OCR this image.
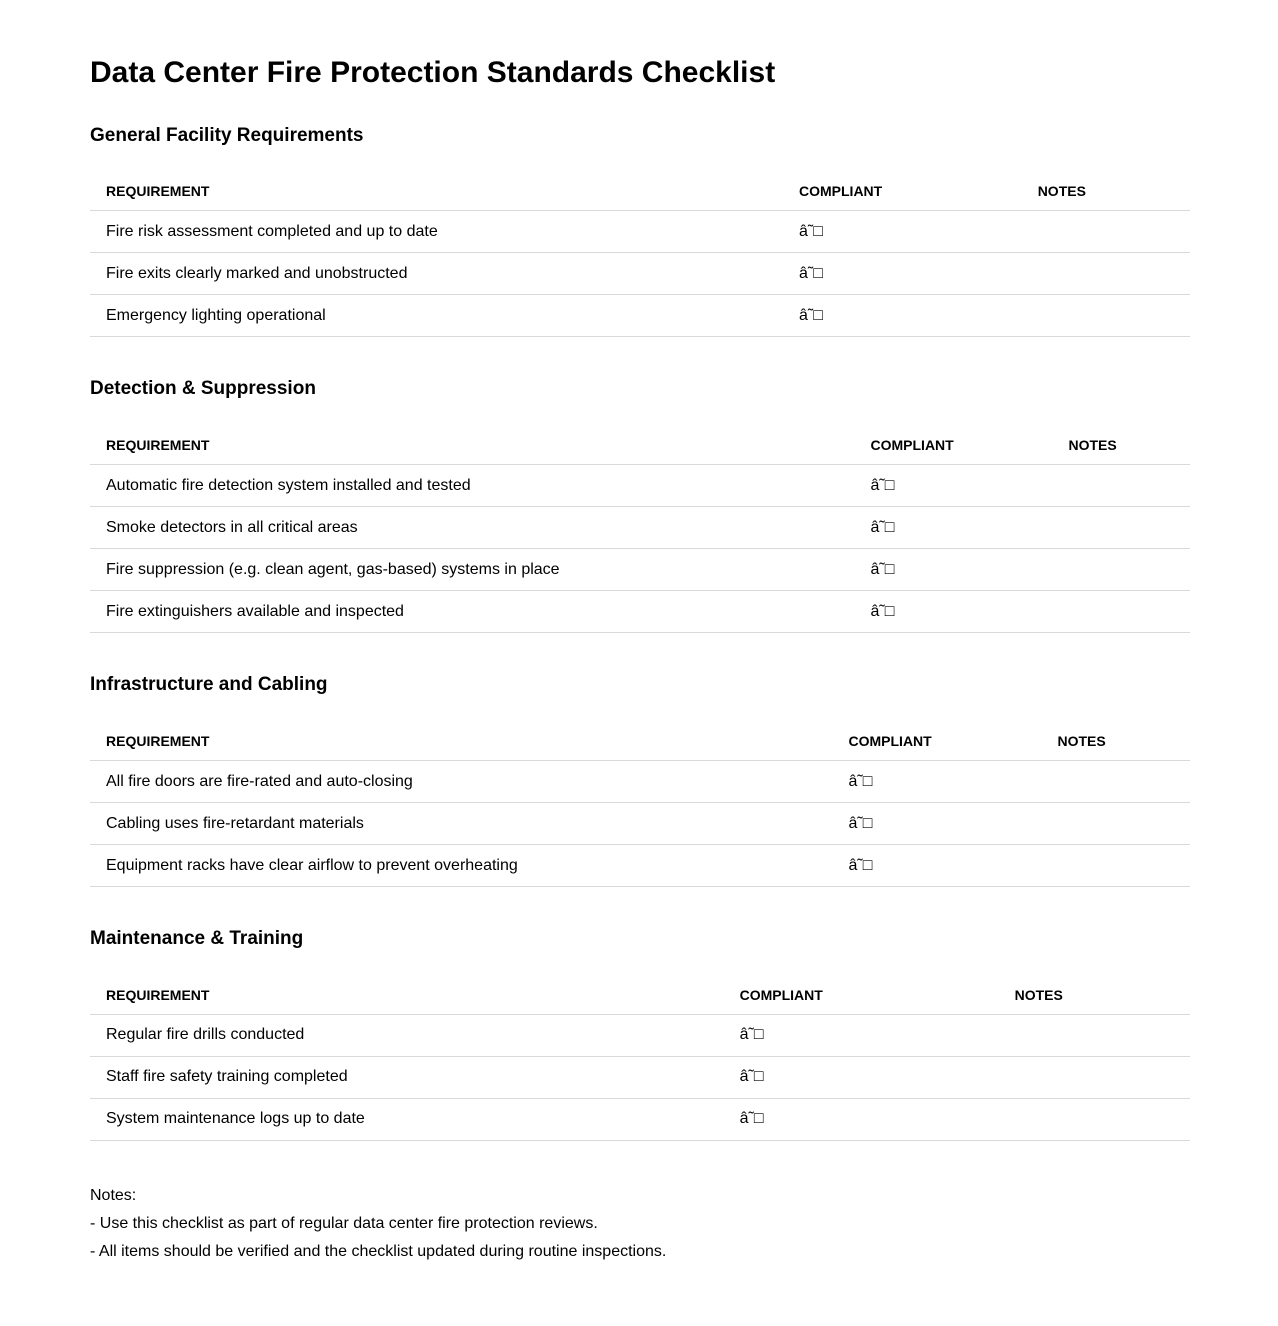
Data Center Fire Protection Standards Checklist
General Facility Requirements
REQUIREMENT	COMPLIANT	NOTES
Fire risk assessment completed and up to date	â˜□	
Fire exits clearly marked and unobstructed	â˜□	
Emergency lighting operational	â˜□	
Detection & Suppression
REQUIREMENT	COMPLIANT	NOTES
Automatic fire detection system installed and tested	â˜□	
Smoke detectors in all critical areas	â˜□	
Fire suppression (e.g. clean agent, gas-based) systems in place	â˜□	
Fire extinguishers available and inspected	â˜□	
Infrastructure and Cabling
REQUIREMENT	COMPLIANT	NOTES
All fire doors are fire-rated and auto-closing	â˜□	
Cabling uses fire-retardant materials	â˜□	
Equipment racks have clear airflow to prevent overheating	â˜□	
Maintenance & Training
REQUIREMENT	COMPLIANT	NOTES
Regular fire drills conducted	â˜□	
Staff fire safety training completed	â˜□	
System maintenance logs up to date	â˜□	
Notes:
- Use this checklist as part of regular data center fire protection reviews.
- All items should be verified and the checklist updated during routine inspections.
